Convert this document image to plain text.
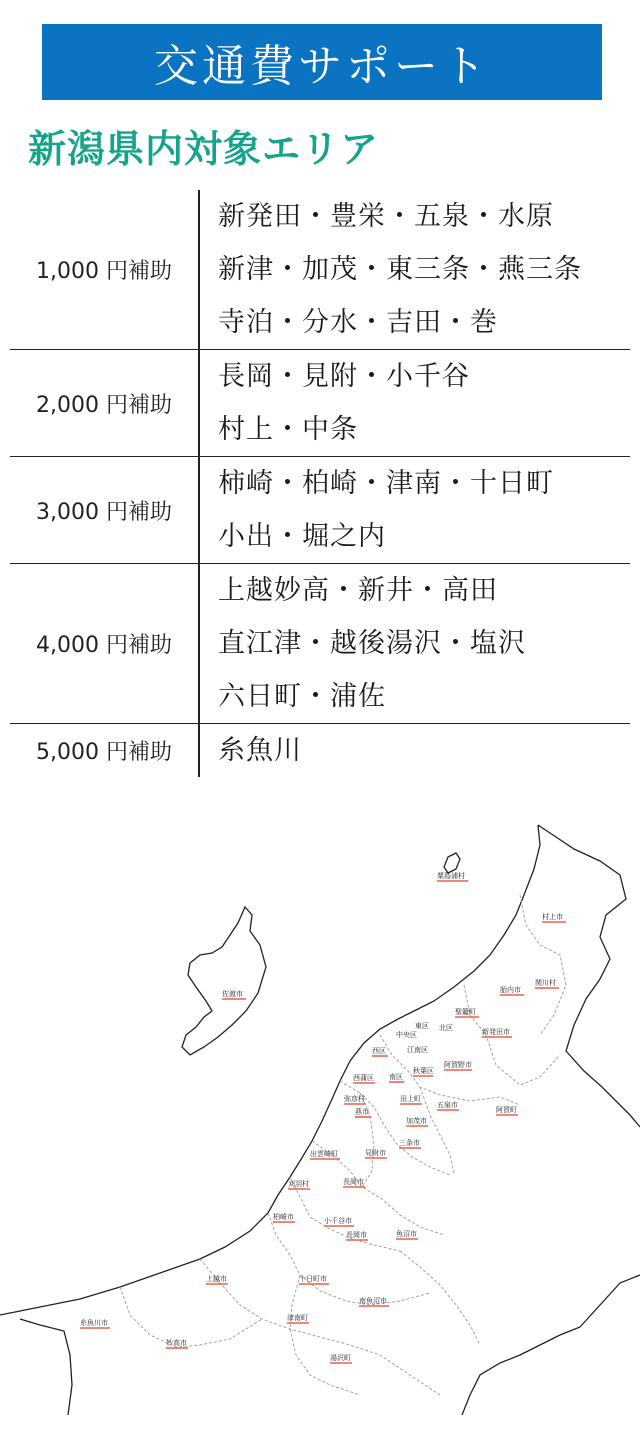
交通費サポート
新潟県内対象エリア
1,000 円補助
新発田・豊栄・五泉・水原
新津・加茂・東三条・燕三条
寺泊・分水・吉田・巻
2,000 円補助
長岡・見附・小千谷
村上・中条
3,000 円補助
柿崎・柏崎・津南・十日町
小出・堀之内
4,000 円補助
上越妙高・新井・高田
直江津・越後湯沢・塩沢
六日町・浦佐
5,000 円補助	糸魚川
粟島浦村
村上市
関川村
胎内市
聖籠町
佐渡市
北区
東区
中央区	新発田市
江南区
西区
阿賀野市
西蒲区 南区
秋葉区
弥彦村	田上町
五泉市
阿賀町
燕市
加茂市
三条市
出雲崎町	見附市
刈羽村	長岡市
柏崎市	小千谷市
魚沼市
長岡市
上越市	十日町市
糸魚川市
南魚沼市
津南町
妙高市
湯沢町
